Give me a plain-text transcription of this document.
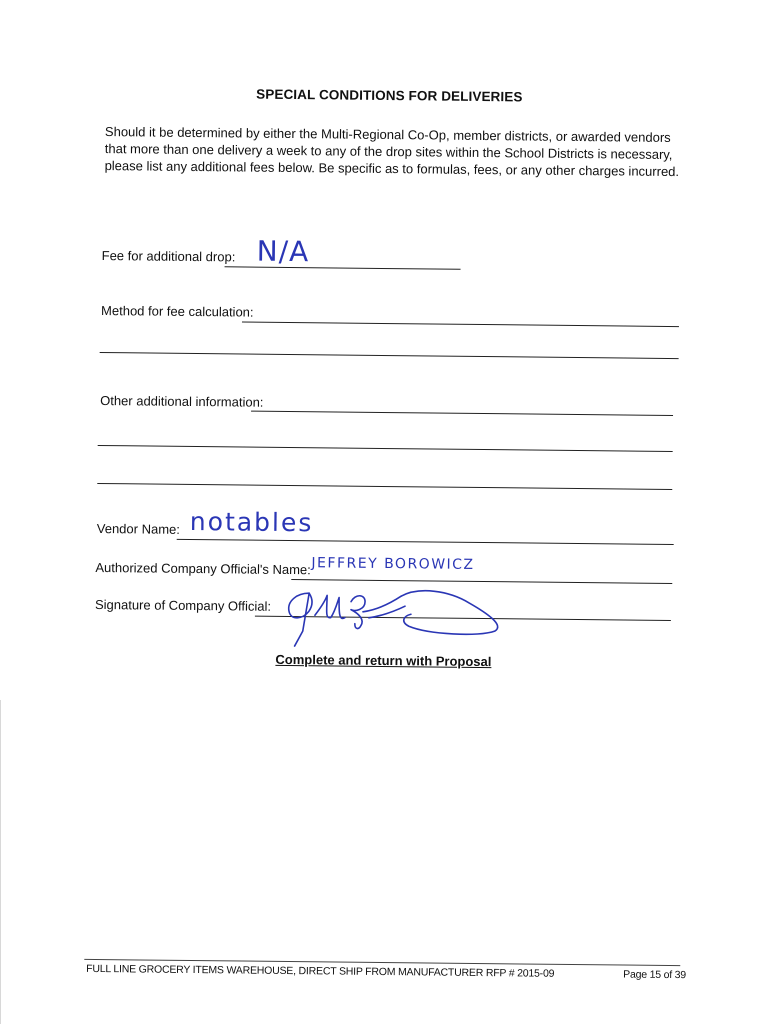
SPECIAL CONDITIONS FOR DELIVERIES
Should it be determined by either the Multi-Regional Co-Op, member districts, or awarded vendors that more than one delivery a week to any of the drop sites within the School Districts is necessary, please list any additional fees below. Be specific as to formulas, fees, or any other charges incurred.
Fee for additional drop: N/A
Method for fee calculation:
Other additional information:
Vendor Name: notables
Authorized Company Official's Name: JEFFREY BOROWICZ
Signature of Company Official:
Complete and return with Proposal
FULL LINE GROCERY ITEMS WAREHOUSE, DIRECT SHIP FROM MANUFACTURER RFP # 2015-09	Page 15 of 39
